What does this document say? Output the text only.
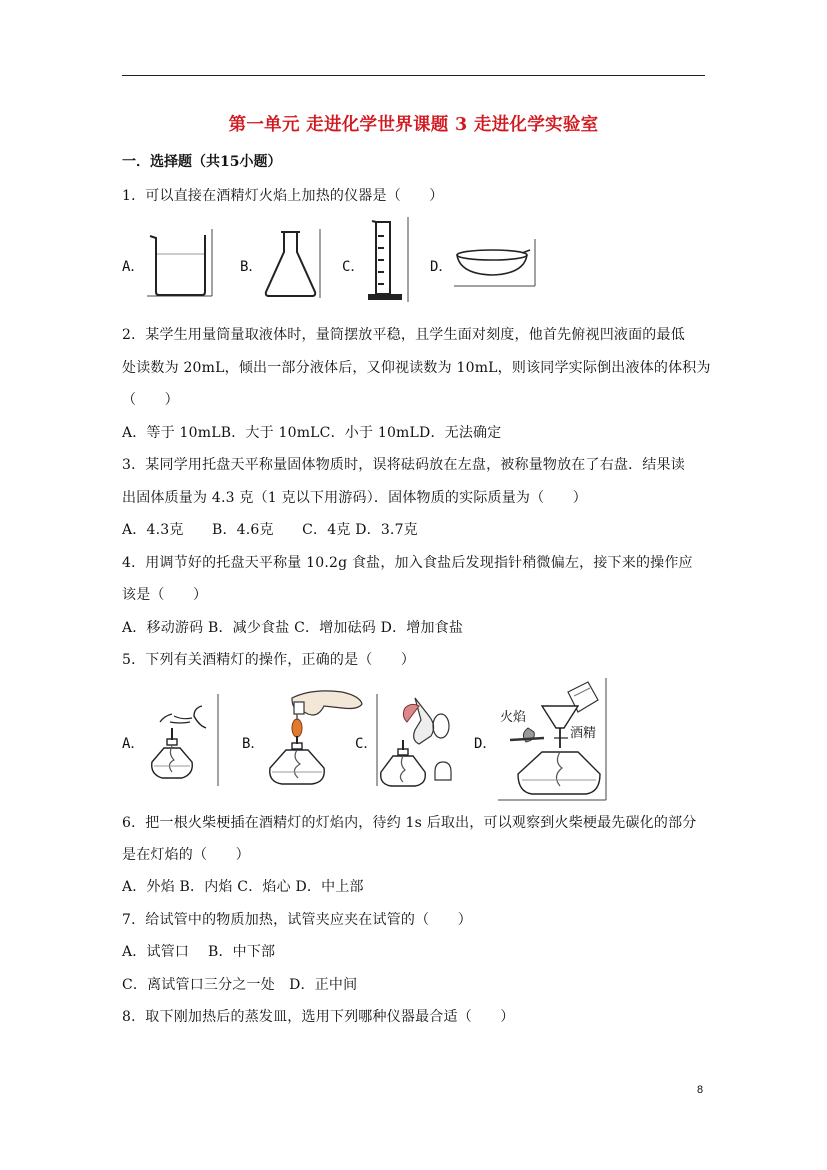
第一单元 走进化学世界课题 3 走进化学实验室
一．选择题（共15小题）
1．可以直接在酒精灯火焰上加热的仪器是（　　）
A．	B．	C．	D．
2．某学生用量筒量取液体时，量筒摆放平稳，且学生面对刻度，他首先俯视凹液面的最低
处读数为 20mL，倾出一部分液体后，又仰视读数为 10mL，则该同学实际倒出液体的体积为
（　　）
A．等于 10mLB．大于 10mLC．小于 10mLD．无法确定
3．某同学用托盘天平称量固体物质时，误将砝码放在左盘，被称量物放在了右盘．结果读
出固体质量为 4.3 克（1 克以下用游码）．固体物质的实际质量为（　　）
A．4.3克　　B．4.6克　　C．4克 D．3.7克
4．用调节好的托盘天平称量 10.2g 食盐，加入食盐后发现指针稍微偏左，接下来的操作应
该是（　　）
A．移动游码 B．减少食盐 C．增加砝码 D．增加食盐
5．下列有关酒精灯的操作，正确的是（　　）
A．	B．	C．	D．
火焰
酒精
6．把一根火柴梗插在酒精灯的灯焰内，待约 1s 后取出，可以观察到火柴梗最先碳化的部分
是在灯焰的（　　）
A．外焰 B．内焰 C．焰心 D．中上部
7．给试管中的物质加热，试管夹应夹在试管的（　　）
A．试管口　 B．中下部
C．离试管口三分之一处　D．正中间
8．取下刚加热后的蒸发皿，选用下列哪种仪器最合适（　　）
8
